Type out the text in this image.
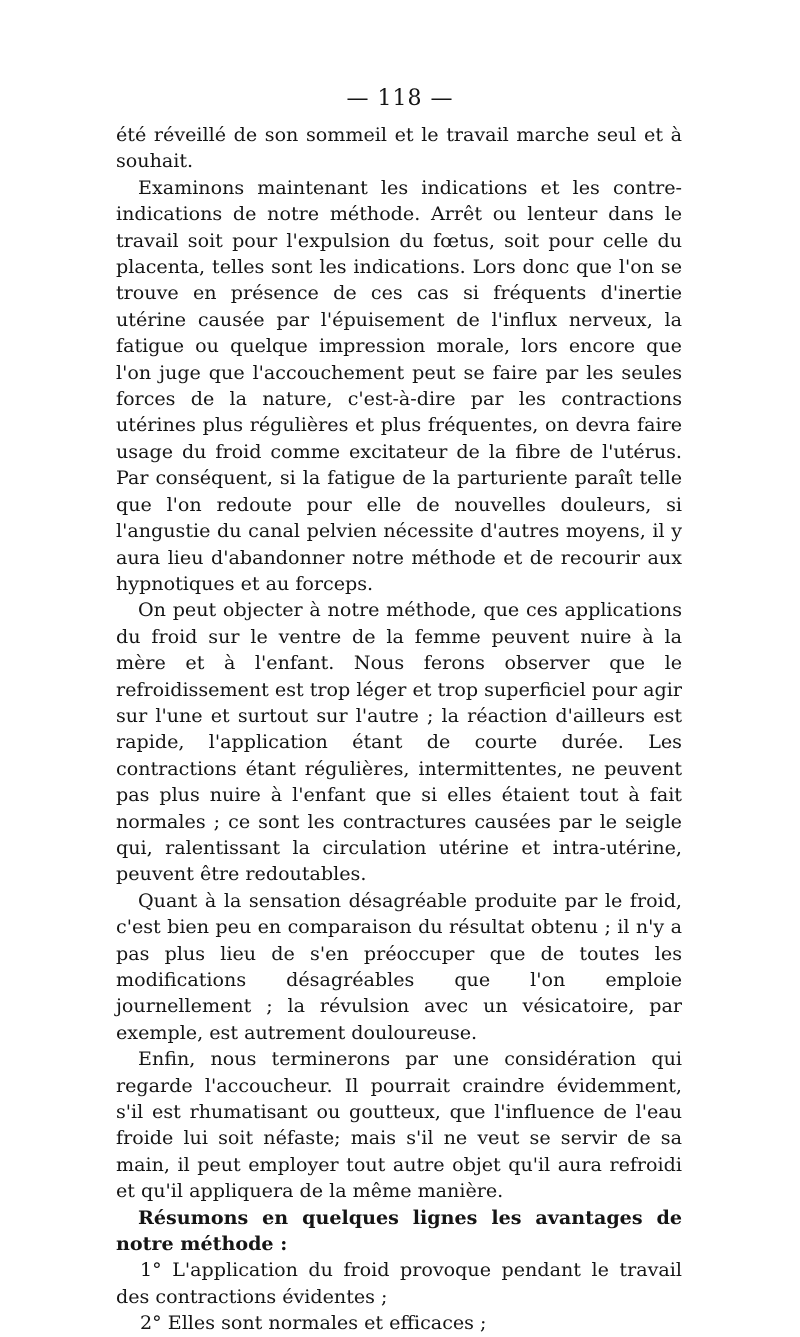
— 118 —

été réveillé de son sommeil et le travail marche seul et à souhait.

Examinons maintenant les indications et les contre-indications de notre méthode. Arrêt ou lenteur dans le travail soit pour l'expulsion du fœtus, soit pour celle du placenta, telles sont les indications. Lors donc que l'on se trouve en présence de ces cas si fréquents d'inertie utérine causée par l'épuisement de l'influx nerveux, la fatigue ou quelque impression morale, lors encore que l'on juge que l'accouchement peut se faire par les seules forces de la nature, c'est-à-dire par les contractions utérines plus régulières et plus fréquentes, on devra faire usage du froid comme excitateur de la fibre de l'utérus. Par conséquent, si la fatigue de la parturiente paraît telle que l'on redoute pour elle de nouvelles douleurs, si l'angustie du canal pelvien nécessite d'autres moyens, il y aura lieu d'abandonner notre méthode et de recourir aux hypnotiques et au forceps.

On peut objecter à notre méthode, que ces applications du froid sur le ventre de la femme peuvent nuire à la mère et à l'enfant. Nous ferons observer que le refroidissement est trop léger et trop superficiel pour agir sur l'une et surtout sur l'autre ; la réaction d'ailleurs est rapide, l'application étant de courte durée. Les contractions étant régulières, intermittentes, ne peuvent pas plus nuire à l'enfant que si elles étaient tout à fait normales ; ce sont les contractures causées par le seigle qui, ralentissant la circulation utérine et intra-utérine, peuvent être redoutables.

Quant à la sensation désagréable produite par le froid, c'est bien peu en comparaison du résultat obtenu ; il n'y a pas plus lieu de s'en préoccuper que de toutes les modifications désagréables que l'on emploie journellement ; la révulsion avec un vésicatoire, par exemple, est autrement douloureuse.

Enfin, nous terminerons par une considération qui regarde l'accoucheur. Il pourrait craindre évidemment, s'il est rhumatisant ou goutteux, que l'influence de l'eau froide lui soit néfaste; mais s'il ne veut se servir de sa main, il peut employer tout autre objet qu'il aura refroidi et qu'il appliquera de la même manière.

Résumons en quelques lignes les avantages de notre méthode :

1° L'application du froid provoque pendant le travail des contractions évidentes ;

2° Elles sont normales et efficaces ;
